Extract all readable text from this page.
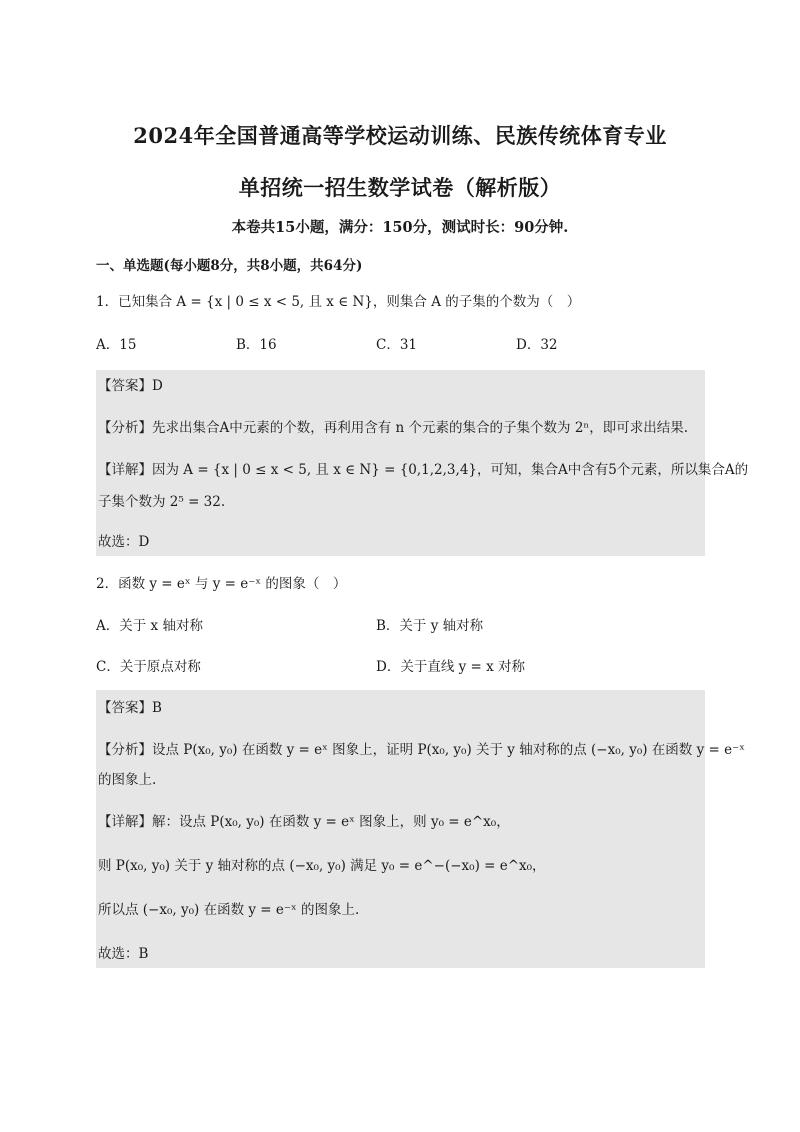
2024年全国普通高等学校运动训练、民族传统体育专业
单招统一招生数学试卷（解析版）
本卷共15小题，满分：150分，测试时长：90分钟.
一、单选题(每小题8分，共8小题，共64分)
1．已知集合 A = {x | 0 ≤ x < 5, 且 x ∈ N}，则集合 A 的子集的个数为（　）
A．15	B．16	C．31	D．32
【答案】D
【分析】先求出集合A中元素的个数，再利用含有 n 个元素的集合的子集个数为 2ⁿ，即可求出结果.
【详解】因为 A = {x | 0 ≤ x < 5, 且 x ∈ N} = {0,1,2,3,4}，可知，集合A中含有5个元素，所以集合A的
子集个数为 2⁵ = 32.
故选：D
2．函数 y = eˣ 与 y = e⁻ˣ 的图象（　）
A．关于 x 轴对称	B．关于 y 轴对称
C．关于原点对称	D．关于直线 y = x 对称
【答案】B
【分析】设点 P(x₀, y₀) 在函数 y = eˣ 图象上，证明 P(x₀, y₀) 关于 y 轴对称的点 (−x₀, y₀) 在函数 y = e⁻ˣ
的图象上.
【详解】解：设点 P(x₀, y₀) 在函数 y = eˣ 图象上，则 y₀ = e^x₀，
则 P(x₀, y₀) 关于 y 轴对称的点 (−x₀, y₀) 满足 y₀ = e^−(−x₀) = e^x₀，
所以点 (−x₀, y₀) 在函数 y = e⁻ˣ 的图象上.
故选：B
